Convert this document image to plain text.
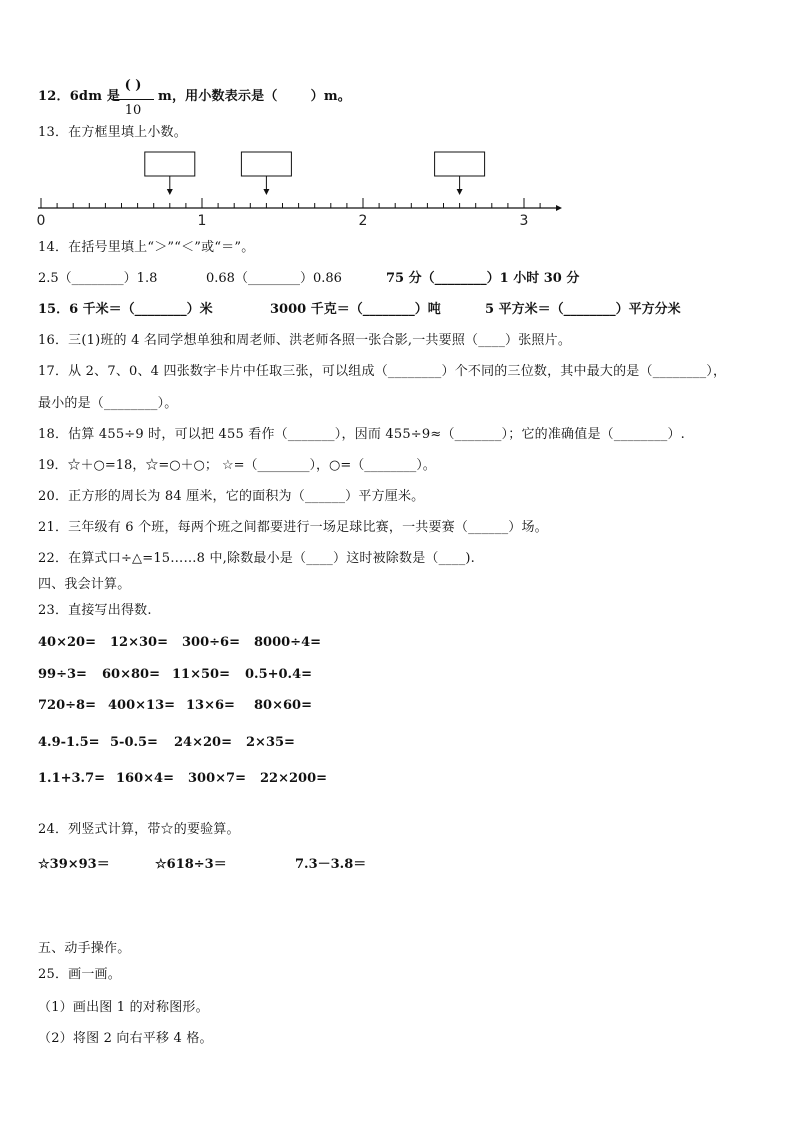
12．6dm 是
( )
10
m，用小数表示是（       ）m。
13．在方框里填上小数。
0	1	2	3
14．在括号里填上“＞”“＜”或“＝”。
2.5（________）1.8	0.68（________）0.86	75 分（________）1 小时 30 分
15．6 千米＝（________）米	3000 千克＝（________）吨	5 平方米＝（________）平方分米
16．三(1)班的 4 名同学想单独和周老师、洪老师各照一张合影,一共要照（____）张照片。
17．从 2、7、0、4 四张数字卡片中任取三张，可以组成（________）个不同的三位数，其中最大的是（________），
最小的是（________）。
18．估算 455÷9 时，可以把 455 看作（_______），因而 455÷9≈（_______）；它的准确值是（________）.
19．☆＋○=18，☆=○＋○； ☆=（________），○=（________）。
20．正方形的周长为 84 厘米，它的面积为（______）平方厘米。
21．三年级有 6 个班，每两个班之间都要进行一场足球比赛，一共要赛（______）场。
22．在算式口÷△=15……8 中,除数最小是（____）这时被除数是（____).
四、我会计算。
23．直接写出得数.
40×20= 12×30= 300÷6= 8000÷4=
99÷3= 60×80= 11×50= 0.5+0.4=
720÷8= 400×13= 13×6= 80×60=
4.9-1.5= 5-0.5= 24×20= 2×35=
1.1+3.7= 160×4= 300×7= 22×200=
24．列竖式计算，带☆的要验算。
☆39×93＝	☆618÷3＝	7.3－3.8＝
五、动手操作。
25．画一画。
（1）画出图 1 的对称图形。
（2）将图 2 向右平移 4 格。
